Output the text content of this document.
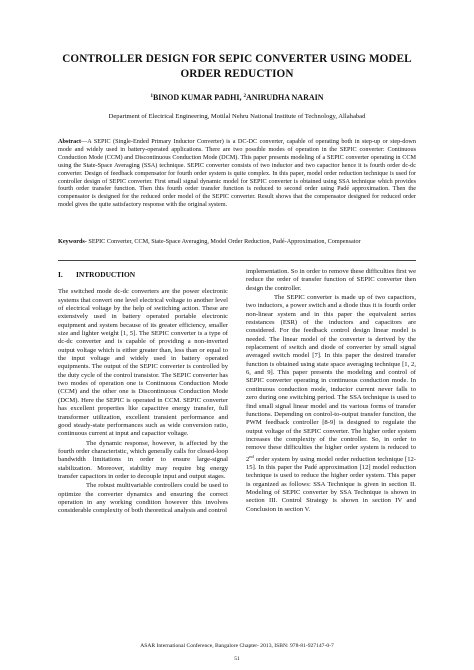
CONTROLLER DESIGN FOR SEPIC CONVERTER USING MODEL
ORDER REDUCTION
$^1$BINOD KUMAR PADHI, $^2$ANIRUDHA NARAIN
Department of Electrical Engineering, Motilal Nehru National Institute of Technology, Allahabad
Abstract—A SEPIC (Single-Ended Primary Inductor Converter) is a DC-DC converter, capable of operating both in step-up or step-down mode and widely used in battery-operated applications. There are two possible modes of operation in the SEPIC converter: Continuous Conduction Mode (CCM) and Discontinuous Conduction Mode (DCM). This paper presents modeling of a SEPIC converter operating in CCM using the State-Space Averaging (SSA) technique. SEPIC converter consists of two inductor and two capacitor hence it is fourth order dc-dc converter. Design of feedback compensator for fourth order system is quite complex. In this paper, model order reduction technique is used for controller design of SEPIC converter. First small signal dynamic model for SEPIC converter is obtained using SSA technique which provides fourth order transfer function. Then this fourth order transfer function is reduced to second order using Padé approximation. Then the compensator is designed for the reduced order model of the SEPIC converter. Result shows that the compensator designed for reduced order model gives the quite satisfactory response with the original system.
Keywords- SEPIC Converter, CCM, State-Space Averaging, Model Order Reduction, Padé-Approximation, Compensator
I. INTRODUCTION

The switched mode dc-dc converters are the power electronic systems that convert one level electrical voltage to another level of electrical voltage by the help of switching action. These are extensively used in battery operated portable electronic equipment and system because of its greater efficiency, smaller size and lighter weight [1, 5]. The SEPIC converter is a type of dc-dc converter and is capable of providing a non-inverted output voltage which is either greater than, less than or equal to the input voltage and widely used in battery operated equipments. The output of the SEPIC converter is controlled by the duty cycle of the control transistor. The SEPIC converter has two modes of operation one is Continuous Conduction Mode (CCM) and the other one is Discontinuous Conduction Mode (DCM). Here the SEPIC is operated in CCM. SEPIC converter has excellent properties like capacitive energy transfer, full transformer utilization, excellent transient performance and good steady-state performances such as wide conversion ratio, continuous current at input and capacitor voltage.

The dynamic response, however, is affected by the fourth order characteristic, which generally calls for closed-loop bandwidth limitations in order to ensure large-signal stabilization. Moreover, stability may require big energy transfer capacitors in order to decouple input and output stages.

The robust multivariable controllers could be used to optimize the converter dynamics and ensuring the correct operation in any working condition however this involves considerable complexity of both theoretical analysis and control

implementation. So in order to remove these difficulties first we reduce the order of transfer function of SEPIC converter then design the controller.

The SEPIC converter is made up of two capacitors, two inductors, a power switch and a diode thus it is fourth order non-linear system and in this paper the equivalent series resistances (ESR) of the inductors and capacitors are considered. For the feedback control design linear model is needed. The linear model of the converter is derived by the replacement of switch and diode of converter by small signal averaged switch model [7]. In this paper the desired transfer function is obtained using state space averaging technique [1, 2, 6, and 9]. This paper presents the modeling and control of SEPIC converter operating in continuous conduction mode. In continuous conduction mode, inductor current never falls to zero during one switching period. The SSA technique is used to find small signal linear model and its various forms of transfer functions. Depending on control-to-output transfer function, the PWM feedback controller [8-9] is designed to regulate the output voltage of the SEPIC converter. The higher order system increases the complexity of the controller. So, in order to remove these difficulties the higher order system is reduced to 2nd order system by using model order reduction technique [12-15]. In this paper the Padé approximation [12] model reduction technique is used to reduce the higher order system. This paper is organized as follows: SSA Technique is given in section II. Modeling of SEPIC converter by SSA Technique is shown in section III. Control Strategy is shown in section IV and Conclusion in section V.

ASAR International Conference, Bangalore Chapter- 2013, ISBN: 978-81-927147-0-7
51
